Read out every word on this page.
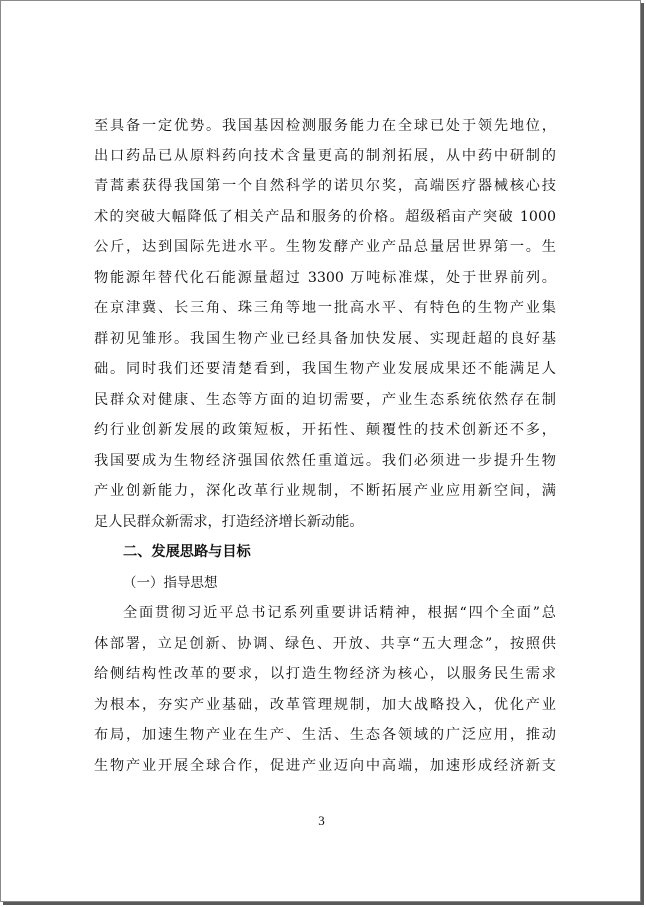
至具备一定优势。我国基因检测服务能力在全球已处于领先地位，
出口药品已从原料药向技术含量更高的制剂拓展，从中药中研制的
青蒿素获得我国第一个自然科学的诺贝尔奖，高端医疗器械核心技
术的突破大幅降低了相关产品和服务的价格。超级稻亩产突破 1000
公斤，达到国际先进水平。生物发酵产业产品总量居世界第一。生
物能源年替代化石能源量超过 3300 万吨标准煤，处于世界前列。
在京津冀、长三角、珠三角等地一批高水平、有特色的生物产业集
群初见雏形。我国生物产业已经具备加快发展、实现赶超的良好基
础。同时我们还要清楚看到，我国生物产业发展成果还不能满足人
民群众对健康、生态等方面的迫切需要，产业生态系统依然存在制
约行业创新发展的政策短板，开拓性、颠覆性的技术创新还不多，
我国要成为生物经济强国依然任重道远。我们必须进一步提升生物
产业创新能力，深化改革行业规制，不断拓展产业应用新空间，满
足人民群众新需求，打造经济增长新动能。
二、发展思路与目标
（一）指导思想
全面贯彻习近平总书记系列重要讲话精神，根据“四个全面”总
体部署，立足创新、协调、绿色、开放、共享“五大理念”，按照供
给侧结构性改革的要求，以打造生物经济为核心，以服务民生需求
为根本，夯实产业基础，改革管理规制，加大战略投入，优化产业
布局，加速生物产业在生产、生活、生态各领域的广泛应用，推动
生物产业开展全球合作，促进产业迈向中高端，加速形成经济新支
3
